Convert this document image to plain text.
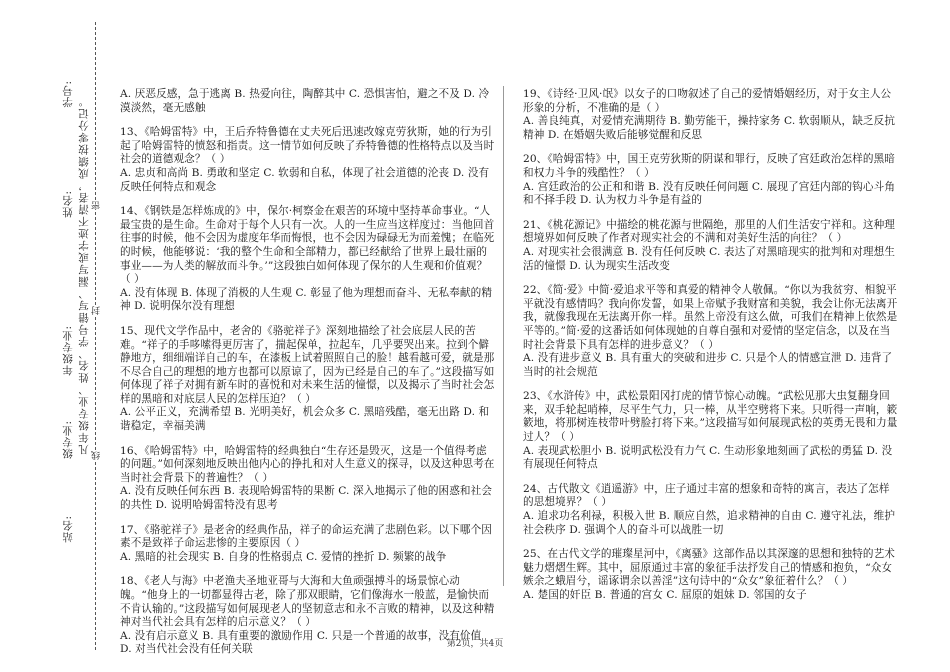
学号:
姓名:
年级专业:
级专业:
站名:
凡年级专业、姓名、学号错写、漏写或字迹不清者，成绩按零分记。 密
封
线

A. 厌恶反感，急于逃离 B. 热爱向往，陶醉其中 C. 恐惧害怕，避之不及 D. 冷漠淡然，毫无感触

13、《哈姆雷特》中，王后乔特鲁德在丈夫死后迅速改嫁克劳狄斯，她的行为引起了哈姆雷特的愤怒和指责。这一情节如何反映了乔特鲁德的性格特点以及当时社会的道德观念？（ ）

A. 忠贞和高尚 B. 勇敢和坚定 C. 软弱和自私，体现了社会道德的沦丧 D. 没有反映任何特点和观念

14、《钢铁是怎样炼成的》中，保尔·柯察金在艰苦的环境中坚持革命事业。“人最宝贵的是生命。生命对于每个人只有一次。人的一生应当这样度过：当他回首往事的时候，他不会因为虚度年华而悔恨，也不会因为碌碌无为而羞愧；在临死的时候，他能够说：‘我的整个生命和全部精力，都已经献给了世界上最壮丽的事业——为人类的解放而斗争。’”这段独白如何体现了保尔的人生观和价值观？（ ）

A. 没有体现 B. 体现了消极的人生观 C. 彰显了他为理想而奋斗、无私奉献的精神 D. 说明保尔没有理想

15、现代文学作品中，老舍的《骆驼祥子》深刻地描绘了社会底层人民的苦难。“祥子的手哆嗦得更厉害了，揣起保单，拉起车，几乎要哭出来。拉到个僻静地方，细细端详自己的车，在漆板上试着照照自己的脸！越看越可爱，就是那不尽合自己的理想的地方也都可以原谅了，因为已经是自己的车了。”这段描写如何体现了祥子对拥有新车时的喜悦和对未来生活的憧憬，以及揭示了当时社会怎样的黑暗和对底层人民的怎样压迫？（ ）

A. 公平正义，充满希望 B. 光明美好，机会众多 C. 黑暗残酷，毫无出路 D. 和谐稳定，幸福美满

16、《哈姆雷特》中，哈姆雷特的经典独白“生存还是毁灭，这是一个值得考虑的问题。”如何深刻地反映出他内心的挣扎和对人生意义的探寻，以及这种思考在当时社会背景下的普遍性？（ ）

A. 没有反映任何东西 B. 表现哈姆雷特的果断 C. 深入地揭示了他的困惑和社会的共性 D. 说明哈姆雷特没有思考

17、《骆驼祥子》是老舍的经典作品，祥子的命运充满了悲剧色彩。以下哪个因素不是致祥子命运悲惨的主要原因（ ）

A. 黑暗的社会现实 B. 自身的性格弱点 C. 爱情的挫折 D. 频繁的战争

18、《老人与海》中老渔夫圣地亚哥与大海和大鱼顽强搏斗的场景惊心动魄。“他身上的一切都显得古老，除了那双眼睛，它们像海水一般蓝，是愉快而不肯认输的。”这段描写如何展现老人的坚韧意志和永不言败的精神，以及这种精神对当代社会具有怎样的启示意义？（ ）

A. 没有启示意义 B. 具有重要的激励作用 C. 只是一个普通的故事，没有价值 D. 对当代社会没有任何关联

19、《诗经·卫风·氓》以女子的口吻叙述了自己的爱情婚姻经历，对于女主人公形象的分析，不准确的是（ ）

A. 善良纯真，对爱情充满期待 B. 勤劳能干，操持家务 C. 软弱顺从，缺乏反抗精神 D. 在婚姻失败后能够觉醒和反思

20、《哈姆雷特》中，国王克劳狄斯的阴谋和罪行，反映了宫廷政治怎样的黑暗和权力斗争的残酷性？（ ）

A. 宫廷政治的公正和和谐 B. 没有反映任何问题 C. 展现了宫廷内部的钩心斗角和不择手段 D. 认为权力斗争是有益的

21、《桃花源记》中描绘的桃花源与世隔绝，那里的人们生活安宁祥和。这种理想境界如何反映了作者对现实社会的不满和对美好生活的向往？（ ）

A. 对现实社会很满意 B. 没有任何反映 C. 表达了对黑暗现实的批判和对理想生活的憧憬 D. 认为现实生活改变

22、《简·爱》中简·爱追求平等和真爱的精神令人敬佩。“你以为我贫穷、相貌平平就没有感情吗？我向你发誓，如果上帝赋予我财富和美貌，我会让你无法离开我，就像我现在无法离开你一样。虽然上帝没有这么做，可我们在精神上依然是平等的。”简·爱的这番话如何体现她的自尊自强和对爱情的坚定信念，以及在当时社会背景下具有怎样的进步意义？（ ）

A. 没有进步意义 B. 具有重大的突破和进步 C. 只是个人的情感宣泄 D. 违背了当时的社会规范

23、《水浒传》中，武松景阳冈打虎的情节惊心动魄。“武松见那大虫复翻身回来，双手轮起哨棒，尽平生气力，只一棒，从半空劈将下来。只听得一声响，簌簌地，将那树连枝带叶劈脸打将下来。”这段描写如何展现武松的英勇无畏和力量过人？（ ）

A. 表现武松胆小 B. 说明武松没有力气 C. 生动形象地刻画了武松的勇猛 D. 没有展现任何特点

24、古代散文《逍遥游》中，庄子通过丰富的想象和奇特的寓言，表达了怎样的思想境界？（ ）

A. 追求功名利禄，积极入世 B. 顺应自然，追求精神的自由 C. 遵守礼法，维护社会秩序 D. 强调个人的奋斗可以战胜一切

25、在古代文学的璀璨星河中，《离骚》这部作品以其深邃的思想和独特的艺术魅力熠熠生辉。其中，屈原通过丰富的象征手法抒发自己的情感和抱负，“众女嫉余之蛾眉兮，谣诼谓余以善淫”这句诗中的“众女”象征着什么？（ ）

A. 楚国的奸臣 B. 普通的宫女 C. 屈原的姐妹 D. 邻国的女子

第2页，共4页
